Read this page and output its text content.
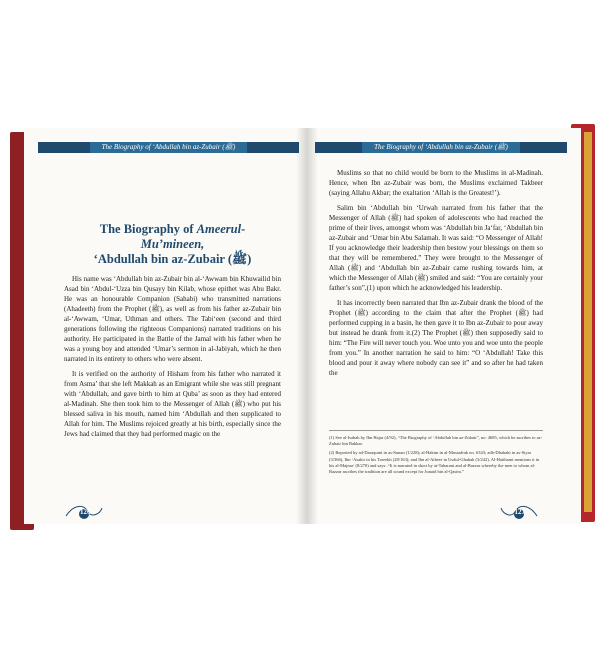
The Biography of ‘Abdullah bin az-Zubair (ﷺ)
The Biography of Ameerul-Mu’mineen,
‘Abdullah bin az-Zubair (ﷺ)

His name was ‘Abdullah bin az-Zubair bin al-‘Awwam bin Khuwailid bin Asad bin ‘Abdul-‘Uzza bin Qusayy bin Kilab, whose epithet was Abu Bakr. He was an honourable Companion (Sahabi) who transmitted narrations (Ahadeeth) from the Prophet (ﷺ), as well as from his father az-Zubair bin al-‘Awwam, ‘Umar, Uthman and others. The Tabi‘een (second and third generations following the righteous Companions) narrated traditions on his authority. He participated in the Battle of the Jamal with his father when he was a young boy and attended ‘Umar’s sermon in al-Jabiyah, which he then narrated in its entirety to others who were absent.

It is verified on the authority of Hisham from his father who narrated it from Asma’ that she left Makkah as an Emigrant while she was still pregnant with ‘Abdullah, and gave birth to him at Quba’ as soon as they had entered al-Madinah. She then took him to the Messenger of Allah (ﷺ) who put his blessed saliva in his mouth, named him ‘Abdullah and then supplicated to Allah for him. The Muslims rejoiced greatly at his birth, especially since the Jews had claimed that they had performed magic on the

126
The Biography of ‘Abdullah bin az-Zubair (ﷺ)

Muslims so that no child would be born to the Muslims in al-Madinah. Hence, when Ibn az-Zubair was born, the Muslims exclaimed Takbeer (saying Allahu Akbar; the exaltation ‘Allah is the Greatest!’).

Salim bin ‘Abdullah bin ‘Urwah narrated from his father that the Messenger of Allah (ﷺ) had spoken of adolescents who had reached the prime of their lives, amongst whom was ‘Abdullah bin Ja‘far, ‘Abdullah bin az-Zubair and ‘Umar bin Abu Salamah. It was said: “O Messenger of Allah! If you acknowledge their leadership then bestow your blessings on them so that they will be remembered.” They were brought to the Messenger of Allah (ﷺ) and ‘Abdullah bin az-Zubair came rushing towards him, at which the Messenger of Allah (ﷺ) smiled and said: “You are certainly your father’s son”,(1) upon which he acknowledged his leadership.

It has incorrectly been narrated that Ibn az-Zubair drank the blood of the Prophet (ﷺ) according to the claim that after the Prophet (ﷺ) had performed cupping in a basin, he then gave it to Ibn az-Zubair to pour away but instead he drank from it.(2) The Prophet (ﷺ) then supposedly said to him: “The Fire will never touch you. Woe unto you and woe unto the people from you.” In another narration he said to him: “O ‘Abdullah! Take this blood and pour it away where nobody can see it” and so after he had taken the

(1) See al-Isabah by Ibn Hajar (4/92), “The Biography of ‘Abdullah bin az-Zubair”, no: 4685, which he ascribes to az-Zubair bin Bakkar.
(2) Reported by ad-Daraqutni in as-Sunan (1/228); al-Hakim in al-Mustadrak no. 6343; adh-Dhahabi in as-Siyar (3/366), Ibn ‘Asakir in his Tareekh (28/163); and Ibn al-Atheer in Usdul-Ghabah (3/242). Al-Haithami mentions it in his al-Majma‘ (8/270) and says: “It is narrated in short by at-Tabarani and al-Bazzar whereby the men to whom al-Bazzar ascribes the tradition are all sound except for Junaid bin al-Qasim.”
127
